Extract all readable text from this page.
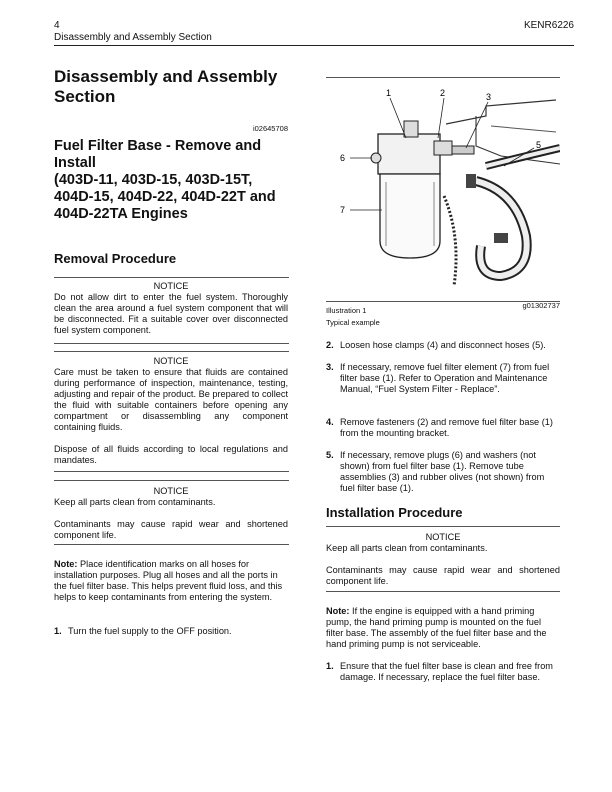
4	KENR6226
Disassembly and Assembly Section
Disassembly and Assembly Section
i02645708
Fuel Filter Base - Remove and Install
(403D-11, 403D-15, 403D-15T, 404D-15, 404D-22, 404D-22T and 404D-22TA Engines
Removal Procedure
NOTICE

Do not allow dirt to enter the fuel system. Thoroughly clean the area around a fuel system component that will be disconnected. Fit a suitable cover over disconnected fuel system component.

NOTICE

Care must be taken to ensure that fluids are contained during performance of inspection, maintenance, testing, adjusting and repair of the product. Be prepared to collect the fluid with suitable containers before opening any compartment or disassembling any component containing fluids.

Dispose of all fluids according to local regulations and mandates.

NOTICE

Keep all parts clean from contaminants.

Contaminants may cause rapid wear and shortened component life.

Note: Place identification marks on all hoses for installation purposes. Plug all hoses and all the ports in the fuel filter base. This helps prevent fluid loss, and this helps to keep contaminants from entering the system.

1. Turn the fuel supply to the OFF position.
1	2	3
5
6
7
Illustration 1
g01302737
Typical example
2. Loosen hose clamps (4) and disconnect hoses (5).
3. If necessary, remove fuel filter element (7) from fuel filter base (1). Refer to Operation and Maintenance Manual, “Fuel System Filter - Replace”.
4. Remove fasteners (2) and remove fuel filter base (1) from the mounting bracket.
5. If necessary, remove plugs (6) and washers (not shown) from fuel filter base (1). Remove tube assemblies (3) and rubber olives (not shown) from fuel filter base (1).
Installation Procedure
NOTICE

Keep all parts clean from contaminants.

Contaminants may cause rapid wear and shortened component life.

Note: If the engine is equipped with a hand priming pump, the hand priming pump is mounted on the fuel filter base. The assembly of the fuel filter base and the hand priming pump is not serviceable.

1. Ensure that the fuel filter base is clean and free from damage. If necessary, replace the fuel filter base.
